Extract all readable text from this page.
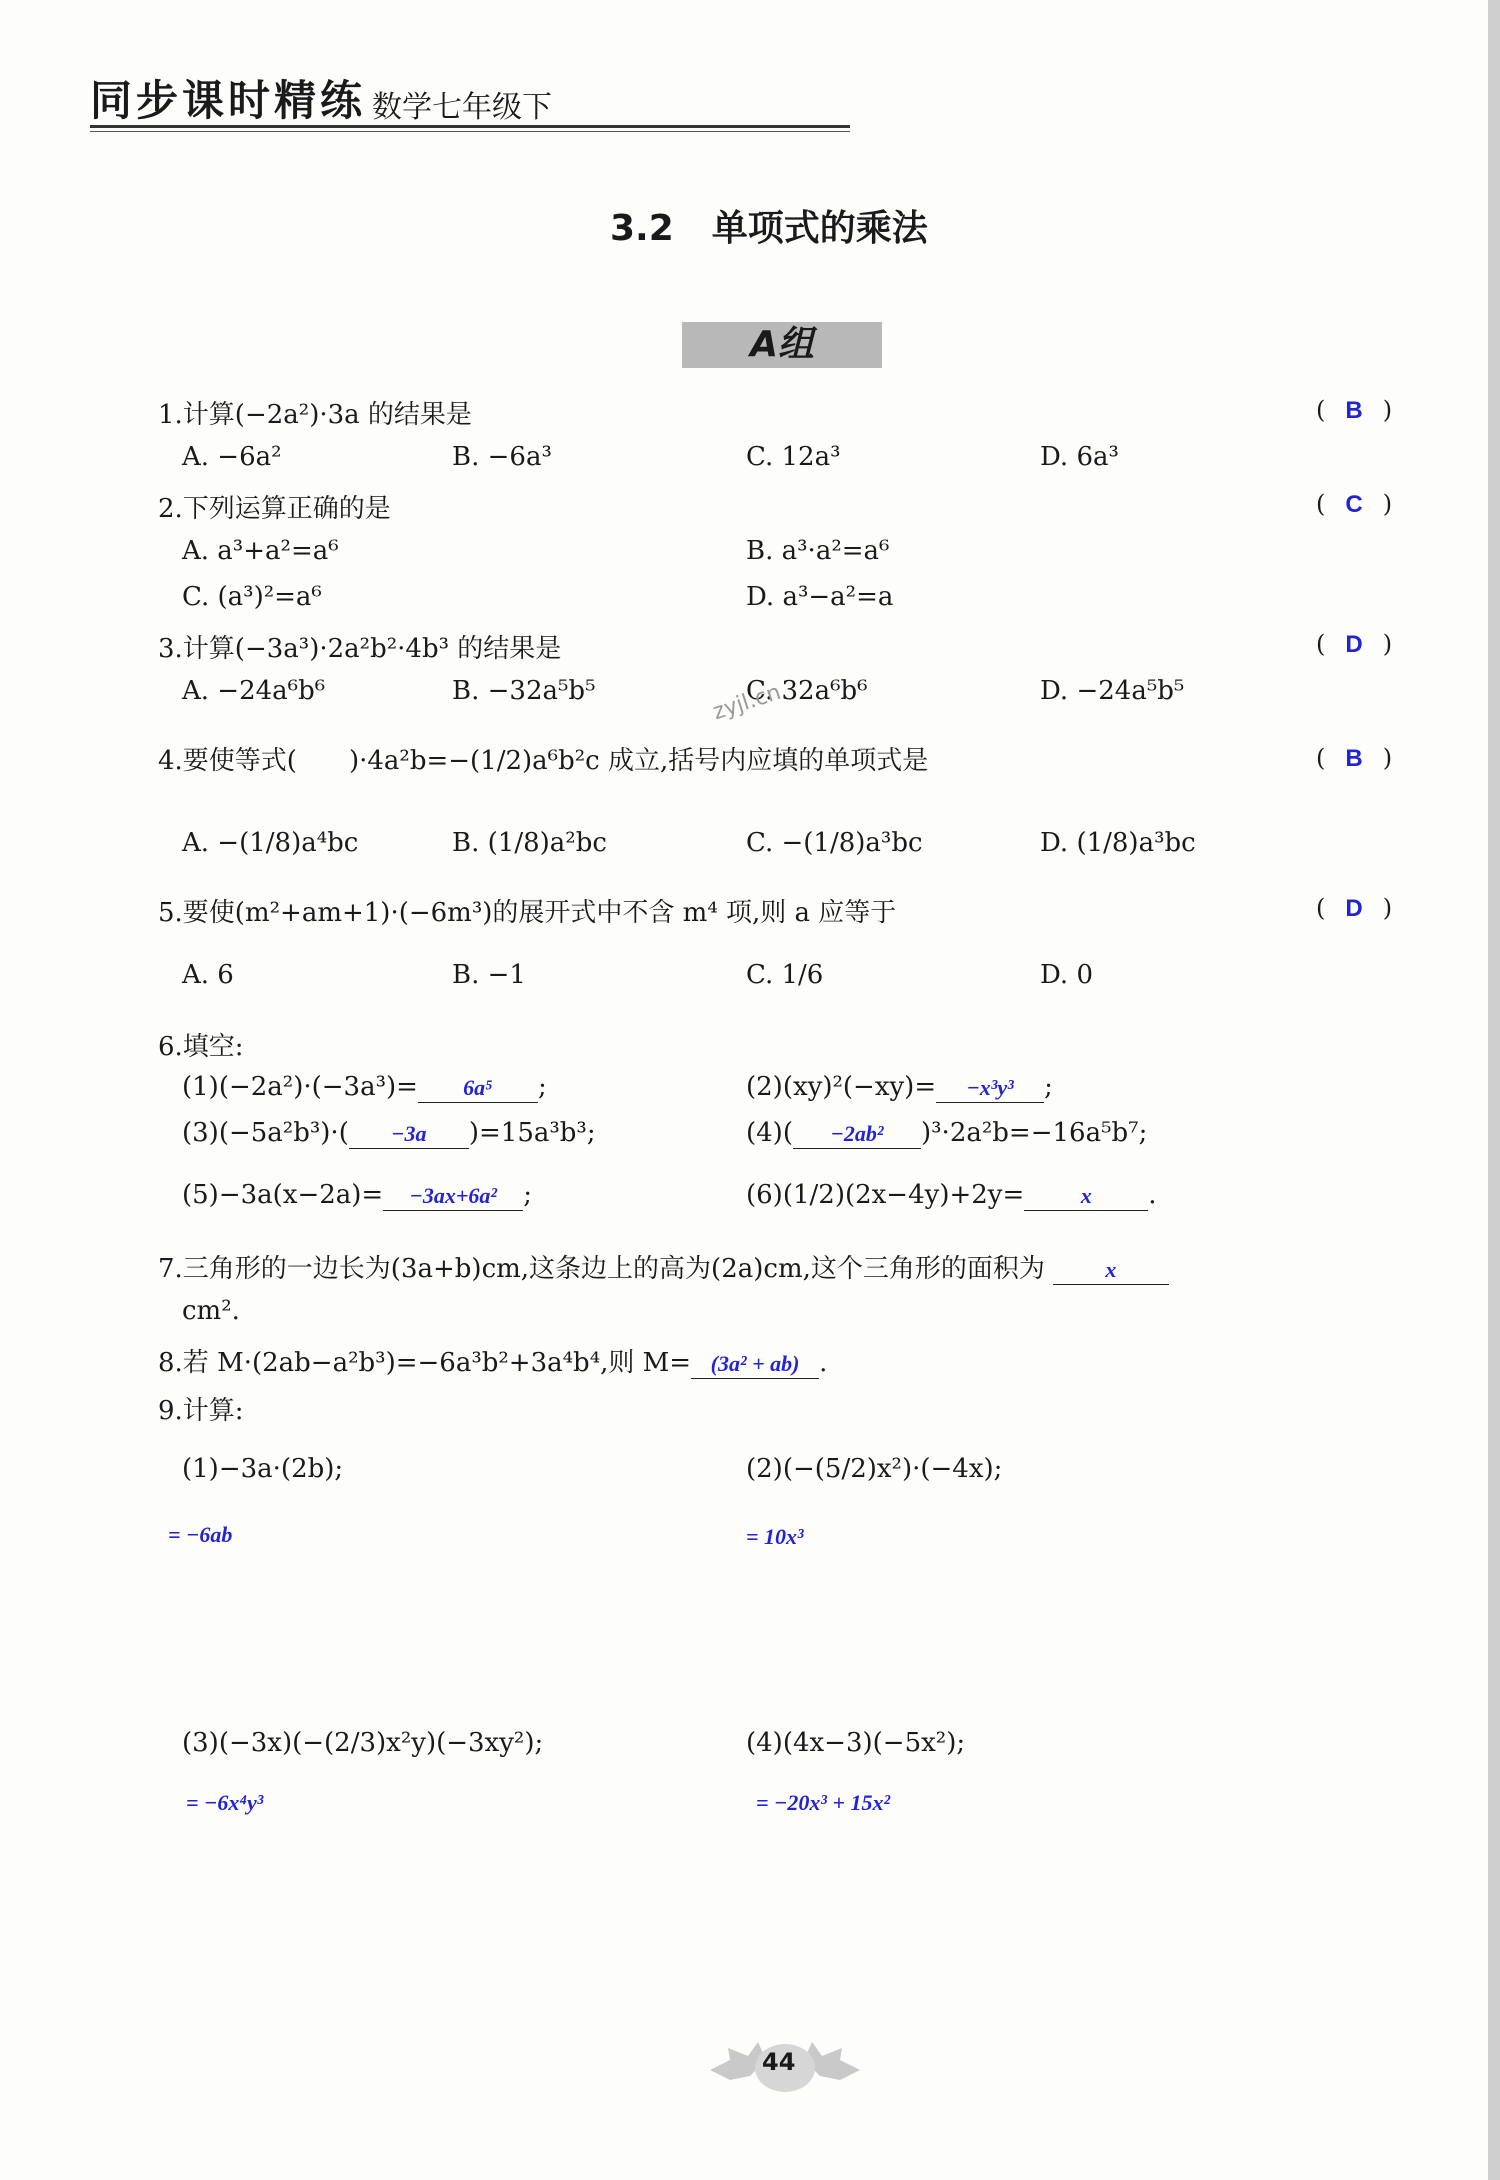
同步课时精练 数学七年级下
3.2 单项式的乘法
A组
1.计算(−2a²)·3a 的结果是	( B )
A. −6a²	B. −6a³	C. 12a³	D. 6a³
2.下列运算正确的是	( C )
A. a³+a²=a⁶	B. a³·a²=a⁶
C. (a³)²=a⁶	D. a³−a²=a
3.计算(−3a³)·2a²b²·4b³ 的结果是	( D )
A. −24a⁶b⁶	B. −32a⁵b⁵	C. 32a⁶b⁶	D. −24a⁵b⁵
zyjl.cn
4.要使等式(　　)·4a²b=−(1/2)a⁶b²c 成立,括号内应填的单项式是	( B )
A. −(1/8)a⁴bc	B. (1/8)a²bc	C. −(1/8)a³bc	D. (1/8)a³bc
5.要使(m²+am+1)·(−6m³)的展开式中不含 m⁴ 项,则 a 应等于	( D )
A. 6	B. −1	C. 1/6	D. 0
6.填空:
(1)(−2a²)·(−3a³)= 6a⁵ ;	(2)(xy)²(−xy)= −x³y³ ;
(3)(−5a²b³)·( −3a )=15a³b³;	(4)( −2ab² )³·2a²b=−16a⁵b⁷;
(5)−3a(x−2a)= −3ax+6a² ;	(6)(1/2)(2x−4y)+2y=	x .
7.三角形的一边长为(3a+b)cm,这条边上的高为(2a)cm,这个三角形的面积为	x
cm².
8.若 M·(2ab−a²b³)=−6a³b²+3a⁴b⁴,则 M= (3a² + ab) .
9.计算:
(1)−3a·(2b);	(2)(−(5/2)x²)·(−4x);
= −6ab	= 10x³
(3)(−3x)(−(2/3)x²y)(−3xy²);	(4)(4x−3)(−5x²);
= −6x⁴y³	= −20x³ + 15x²
44
